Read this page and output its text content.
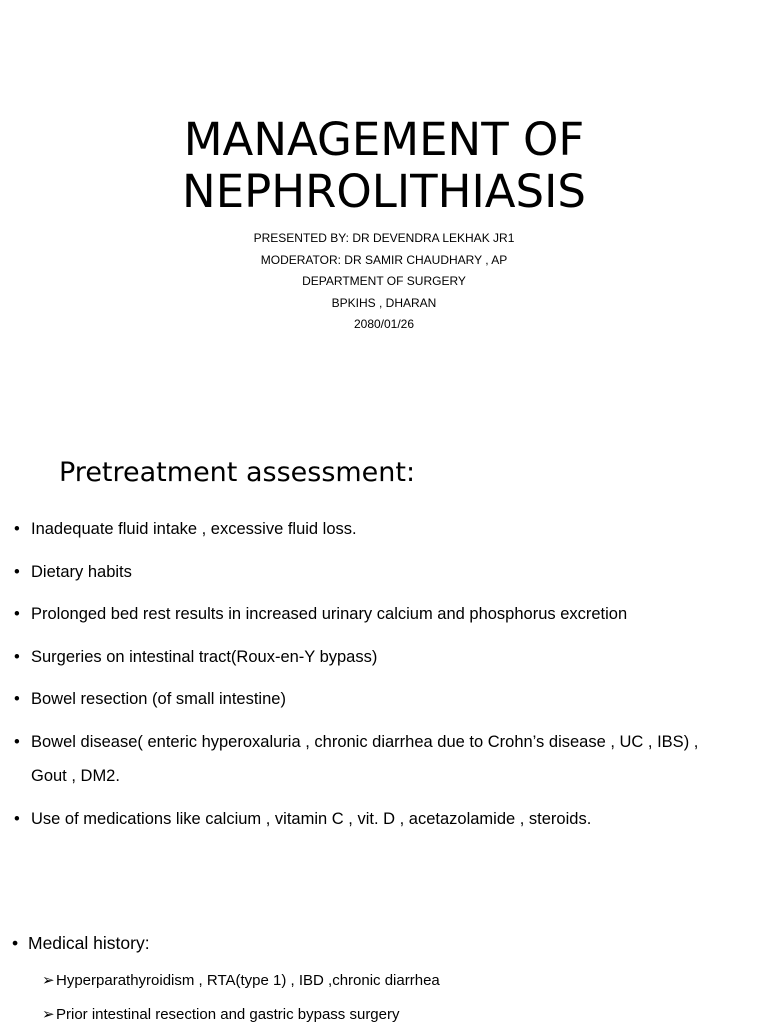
MANAGEMENT OF
NEPHROLITHIASIS
PRESENTED BY: DR DEVENDRA LEKHAK JR1
MODERATOR: DR SAMIR CHAUDHARY , AP
DEPARTMENT OF SURGERY
BPKIHS , DHARAN
2080/01/26
Pretreatment assessment:
• Inadequate fluid intake , excessive fluid loss.
• Dietary habits
• Prolonged bed rest results in increased urinary calcium and phosphorus excretion
• Surgeries on intestinal tract(Roux-en-Y bypass)
• Bowel resection (of small intestine)
• Bowel disease( enteric hyperoxaluria , chronic diarrhea due to Crohn’s disease , UC , IBS) ,
Gout , DM2.
• Use of medications like calcium , vitamin C , vit. D , acetazolamide , steroids.
• Medical history:
➢Hyperparathyroidism , RTA(type 1) , IBD ,chronic diarrhea
➢Prior intestinal resection and gastric bypass surgery
